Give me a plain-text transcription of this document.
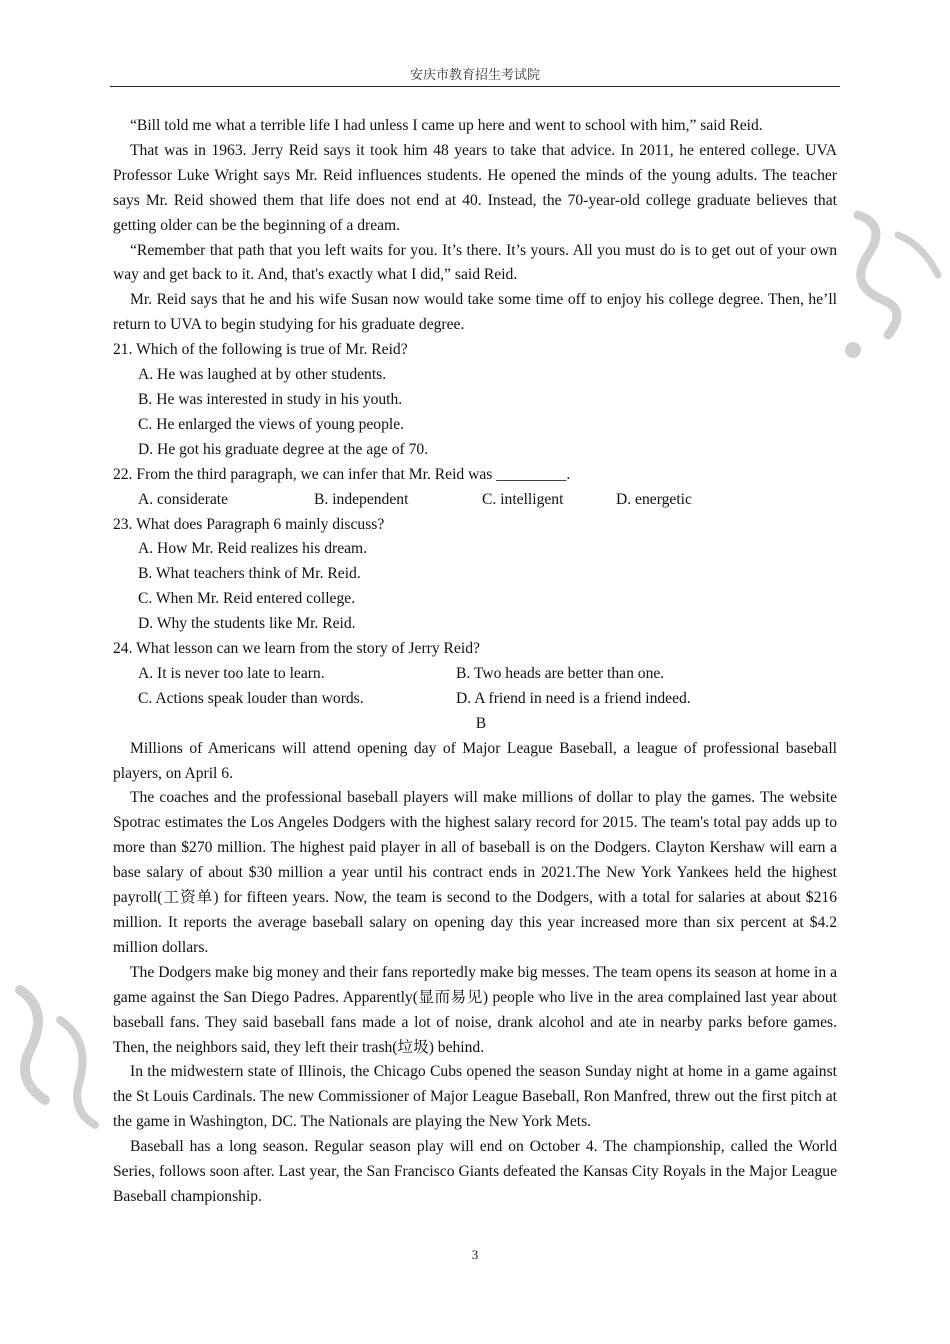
安庆市教育招生考试院

“Bill told me what a terrible life I had unless I came up here and went to school with him,” said Reid.

That was in 1963. Jerry Reid says it took him 48 years to take that advice. In 2011, he entered college. UVA Professor Luke Wright says Mr. Reid influences students. He opened the minds of the young adults. The teacher says Mr. Reid showed them that life does not end at 40. Instead, the 70-year-old college graduate believes that getting older can be the beginning of a dream.

“Remember that path that you left waits for you. It’s there. It’s yours. All you must do is to get out of your own way and get back to it. And, that's exactly what I did,” said Reid.

Mr. Reid says that he and his wife Susan now would take some time off to enjoy his college degree. Then, he’ll return to UVA to begin studying for his graduate degree.

21. Which of the following is true of Mr. Reid?

A. He was laughed at by other students.

B. He was interested in study in his youth.

C. He enlarged the views of young people.

D. He got his graduate degree at the age of 70.

22. From the third paragraph, we can infer that Mr. Reid was _________.

A. considerate	B. independent	C. intelligent	D. energetic

23. What does Paragraph 6 mainly discuss?

A. How Mr. Reid realizes his dream.

B. What teachers think of Mr. Reid.

C. When Mr. Reid entered college.

D. Why the students like Mr. Reid.

24. What lesson can we learn from the story of Jerry Reid?

A. It is never too late to learn.	B. Two heads are better than one.
C. Actions speak louder than words.	D. A friend in need is a friend indeed.

B

Millions of Americans will attend opening day of Major League Baseball, a league of professional baseball players, on April 6.

The coaches and the professional baseball players will make millions of dollar to play the games. The website Spotrac estimates the Los Angeles Dodgers with the highest salary record for 2015. The team's total pay adds up to more than $270 million. The highest paid player in all of baseball is on the Dodgers. Clayton Kershaw will earn a base salary of about $30 million a year until his contract ends in 2021.The New York Yankees held the highest payroll(工资单) for fifteen years. Now, the team is second to the Dodgers, with a total for salaries at about $216 million. It reports the average baseball salary on opening day this year increased more than six percent at $4.2 million dollars.

The Dodgers make big money and their fans reportedly make big messes. The team opens its season at home in a game against the San Diego Padres. Apparently(显而易见) people who live in the area complained last year about baseball fans. They said baseball fans made a lot of noise, drank alcohol and ate in nearby parks before games. Then, the neighbors said, they left their trash(垃圾) behind.

In the midwestern state of Illinois, the Chicago Cubs opened the season Sunday night at home in a game against the St Louis Cardinals. The new Commissioner of Major League Baseball, Ron Manfred, threw out the first pitch at the game in Washington, DC. The Nationals are playing the New York Mets.

Baseball has a long season. Regular season play will end on October 4. The championship, called the World Series, follows soon after. Last year, the San Francisco Giants defeated the Kansas City Royals in the Major League Baseball championship.

3
